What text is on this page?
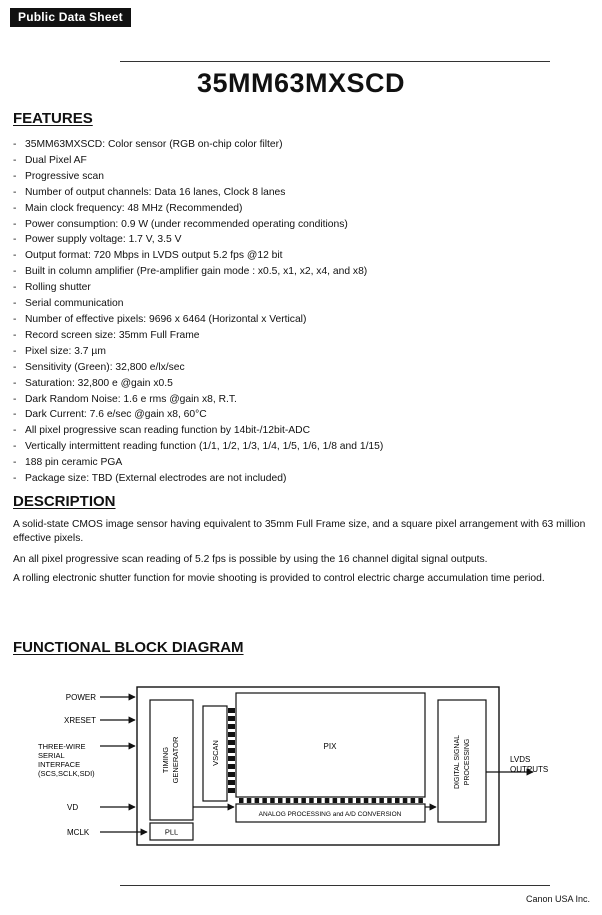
Public Data Sheet
35MM63MXSCD
FEATURES
- 35MM63MXSCD: Color sensor (RGB on-chip color filter)
- Dual Pixel AF
- Progressive scan
- Number of output channels: Data 16 lanes, Clock 8 lanes
- Main clock frequency: 48 MHz (Recommended)
- Power consumption: 0.9 W (under recommended operating conditions)
- Power supply voltage: 1.7 V, 3.5 V
- Output format: 720 Mbps in LVDS output 5.2 fps @12 bit
- Built in column amplifier (Pre-amplifier gain mode : x0.5, x1, x2, x4, and x8)
- Rolling shutter
- Serial communication
- Number of effective pixels: 9696 x 6464 (Horizontal x Vertical)
- Record screen size: 35mm Full Frame
- Pixel size: 3.7 µm
- Sensitivity (Green): 32,800 e/lx/sec
- Saturation: 32,800 e @gain x0.5
- Dark Random Noise: 1.6 e rms @gain x8, R.T.
- Dark Current: 7.6 e/sec @gain x8, 60°C
- All pixel progressive scan reading function by 14bit-/12bit-ADC
- Vertically intermittent reading function (1/1, 1/2, 1/3, 1/4, 1/5, 1/6, 1/8 and 1/15)
- 188 pin ceramic PGA
- Package size: TBD (External electrodes are not included)
DESCRIPTION

A solid-state CMOS image sensor having equivalent to 35mm Full Frame size, and a square pixel arrangement with 63 million effective pixels.

An all pixel progressive scan reading of 5.2 fps is possible by using the 16 channel digital signal outputs.

A rolling electronic shutter function for movie shooting is provided to control electric charge accumulation time period.

FUNCTIONAL BLOCK DIAGRAM
POWER
XRESET
THREE-WIRE
SERIAL
INTERFACE
(SCS,SCLK,SDI)
VD
MCLK
TIMING GENERATOR
PLL
VSCAN	PIX
ANALOG PROCESSING and A/D CONVERSION
DIGITAL SIGNAL PROCESSING	LVDS
OUTPUTS
Canon USA Inc.
